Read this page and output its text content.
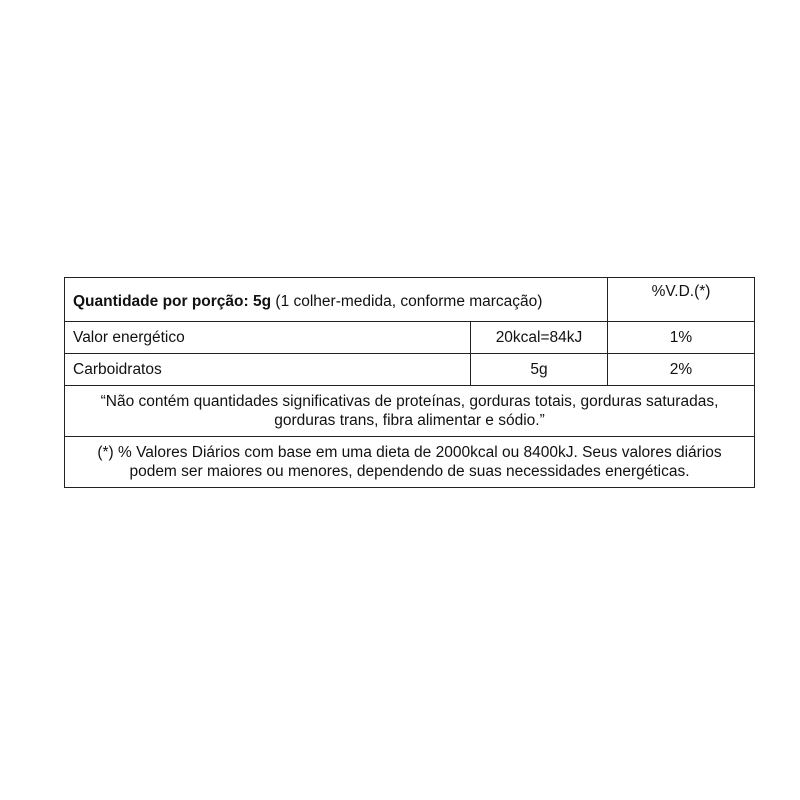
Quantidade por porção: 5g (1 colher-medida, conforme marcação)		%V.D.(*)
Valor energético	20kcal=84kJ	1%
Carboidratos	5g	2%
“Não contém quantidades significativas de proteínas, gorduras totais, gorduras saturadas, gorduras trans, fibra alimentar e sódio.”		
(*) % Valores Diários com base em uma dieta de 2000kcal ou 8400kJ. Seus valores diários podem ser maiores ou menores, dependendo de suas necessidades energéticas.		
